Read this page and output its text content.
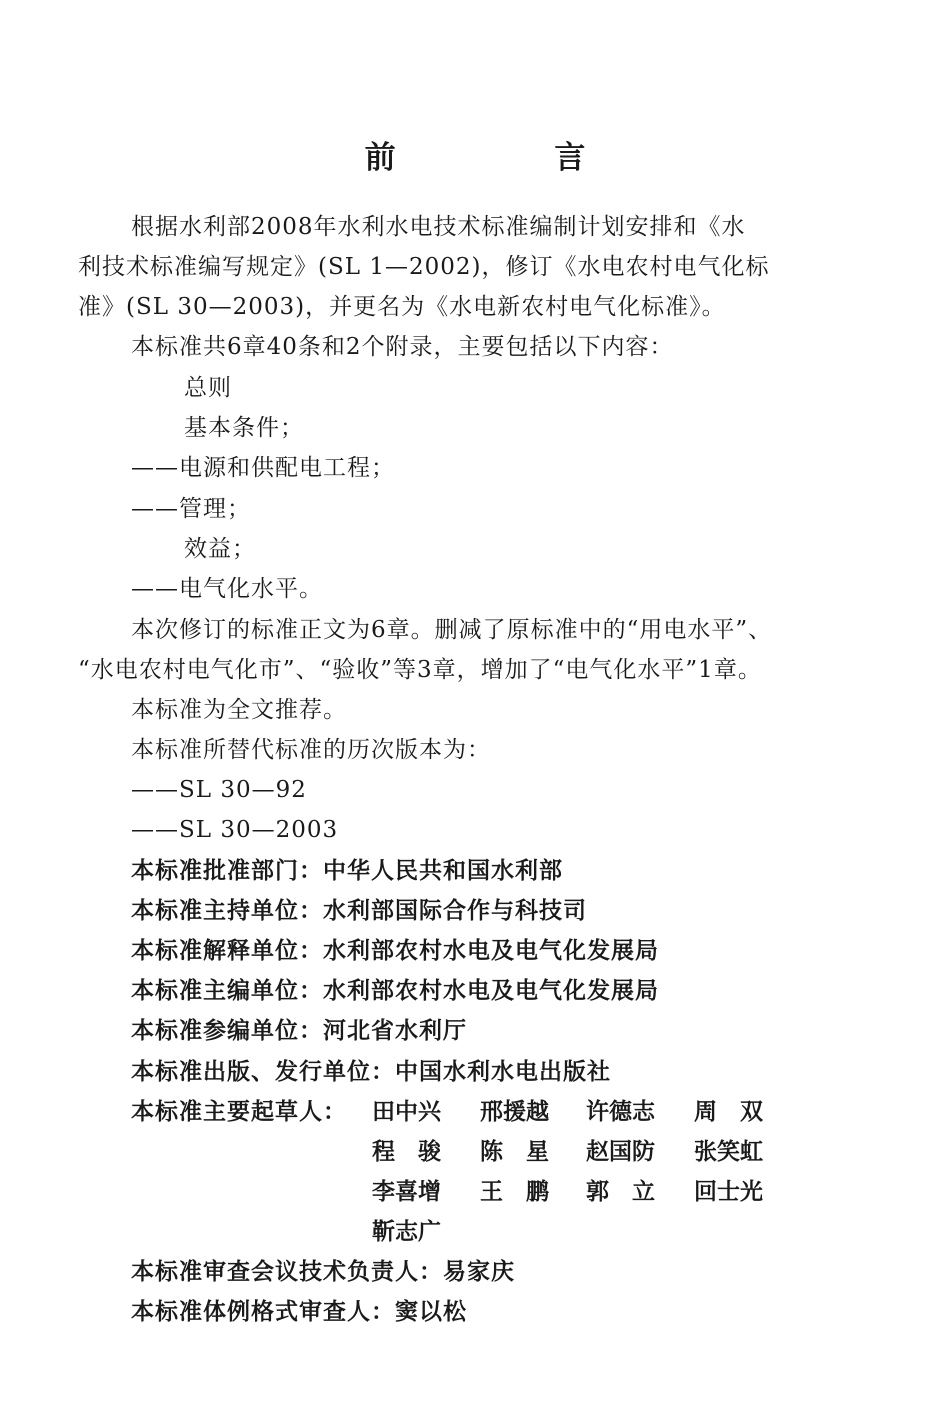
前 言
根据水利部2008年水利水电技术标准编制计划安排和《水
利技术标准编写规定》(SL 1—2002)，修订《水电农村电气化标
准》(SL 30—2003)，并更名为《水电新农村电气化标准》。
本标准共6章40条和2个附录，主要包括以下内容：
总则
基本条件；
——电源和供配电工程；
——管理；
效益；
——电气化水平。
本次修订的标准正文为6章。删减了原标准中的“用电水平”、
“水电农村电气化市”、“验收”等3章，增加了“电气化水平”1章。
本标准为全文推荐。
本标准所替代标准的历次版本为：
——SL 30—92
——SL 30—2003
本标准批准部门：中华人民共和国水利部
本标准主持单位：水利部国际合作与科技司
本标准解释单位：水利部农村水电及电气化发展局
本标准主编单位：水利部农村水电及电气化发展局
本标准参编单位：河北省水利厅
本标准出版、发行单位：中国水利水电出版社
本标准主要起草人： 田中兴 邢援越 许德志 周　双
程　骏 陈　星 赵国防 张笑虹
李喜增 王　鹏 郭　立 回士光
靳志广
本标准审查会议技术负责人：易家庆
本标准体例格式审查人：窦以松
